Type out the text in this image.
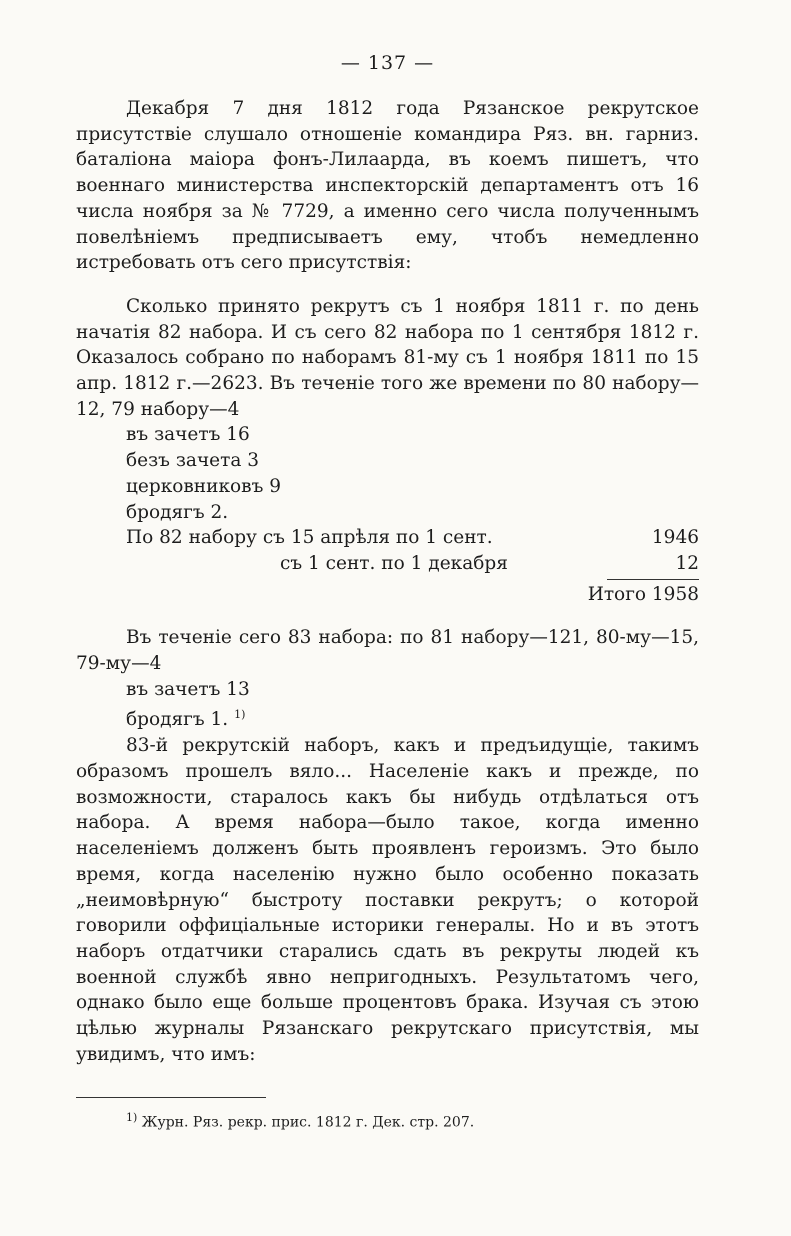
— 137 —

Декабря 7 дня 1812 года Рязанское рекрутское присутствіе слушало отношеніе командира Ряз. вн. гарниз. баталіона маіора фонъ-Лилаарда, въ коемъ пишетъ, что военнаго министерства инспекторскій департаментъ отъ 16 числа ноября за № 7729, а именно сего числа полученнымъ повелѣніемъ предписываетъ ему, чтобъ немедленно истребовать отъ сего присутствія:

Сколько принято рекрутъ съ 1 ноября 1811 г. по день начатія 82 набора. И съ сего 82 набора по 1 сентября 1812 г. Оказалось собрано по наборамъ 81-му съ 1 ноября 1811 по 15 апр. 1812 г.—2623. Въ теченіе того же времени по 80 набору—12, 79 набору—4

въ зачетъ 16

безъ зачета 3

церковниковъ 9

бродягъ 2.

По 82 набору съ 15 апрѣля по 1 сент.	1946
съ 1 сент. по 1 декабря	12
Итого 1958

Въ теченіе сего 83 набора: по 81 набору—121, 80-му—15, 79-му—4

въ зачетъ 13

бродягъ 1. $^{1)}$

83-й рекрутскій наборъ, какъ и предъидущіе, такимъ образомъ прошелъ вяло... Населеніе какъ и прежде, по возможности, старалось какъ бы нибудь отдѣлаться отъ набора. А время набора—было такое, когда именно населеніемъ долженъ быть проявленъ героизмъ. Это было время, когда населенію нужно было особенно показать „неимовѣрную“ быстроту поставки рекрутъ; о которой говорили оффиціальные историки генералы. Но и въ этотъ наборъ отдатчики старались сдать въ рекруты людей къ военной службѣ явно непригодныхъ. Результатомъ чего, однако было еще больше процентовъ брака. Изучая съ этою цѣлью журналы Рязанскаго рекрутскаго присутствія, мы увидимъ, что имъ:

$^{1)}$ Журн. Ряз. рекр. прис. 1812 г. Дек. стр. 207.
